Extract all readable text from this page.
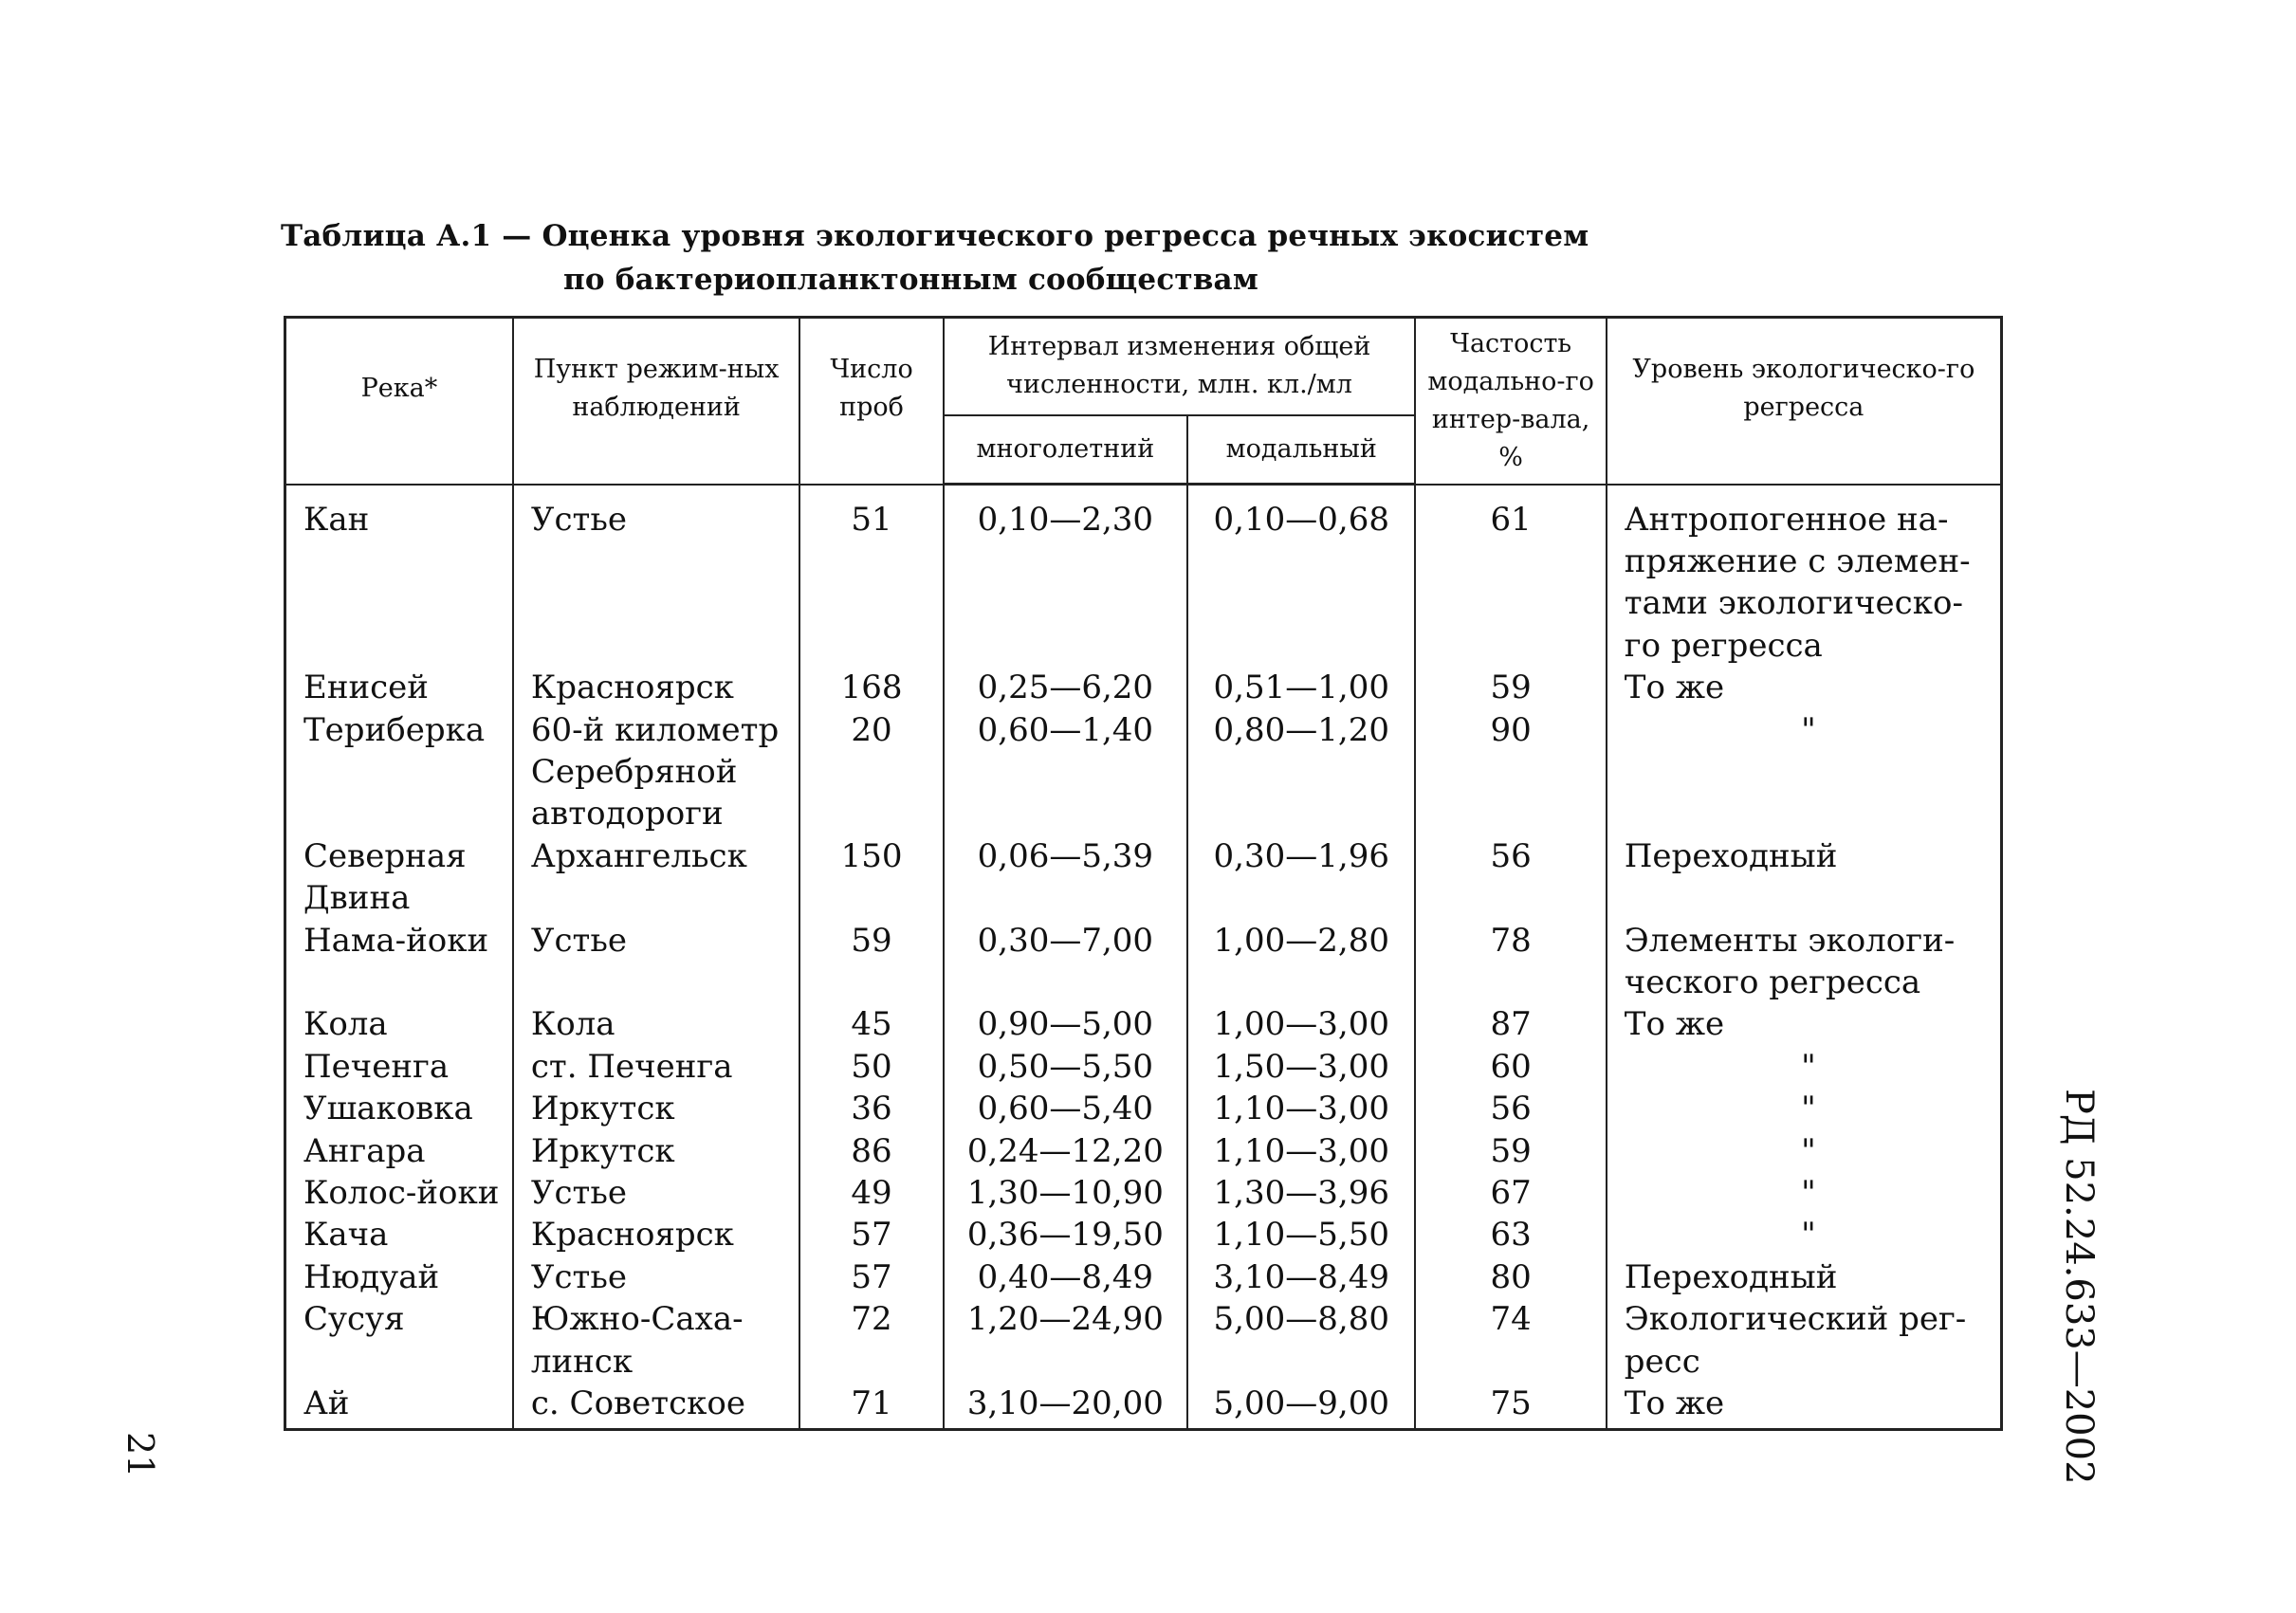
Таблица А.1 — Оценка уровня экологического регресса речных экосистем
по бактериопланктонным сообществам
Река*	Пункт режим-ных наблюдений	Число проб	Интервал изменения общей численности, млн. кл./мл		Частость модально-го интер-вала, %	Уровень экологическо-го регресса
			многолетний	модальный		
Кан	Устье	51	0,10—2,30	0,10—0,68	61	Антропогенное на-пряжение с элемен-тами экологическо-го регресса
Енисей	Красноярск	168	0,25—6,20	0,51—1,00	59	То же
Териберка	60-й километр Серебряной автодороги	20	0,60—1,40	0,80—1,20	90	"
Северная Двина	Архангельск	150	0,06—5,39	0,30—1,96	56	Переходный
Нама-йоки	Устье	59	0,30—7,00	1,00—2,80	78	Элементы экологи-ческого регресса
Кола	Кола	45	0,90—5,00	1,00—3,00	87	То же
Печенга	ст. Печенга	50	0,50—5,50	1,50—3,00	60	"
Ушаковка	Иркутск	36	0,60—5,40	1,10—3,00	56	"
Ангара	Иркутск	86	0,24—12,20	1,10—3,00	59	"
Колос-йоки	Устье	49	1,30—10,90	1,30—3,96	67	"
Кача	Красноярск	57	0,36—19,50	1,10—5,50	63	"
Нюдуай	Устье	57	0,40—8,49	3,10—8,49	80	Переходный
Сусуя	Южно-Саха-линск	72	1,20—24,90	5,00—8,80	74	Экологический рег-ресс
Ай	с. Советское	71	3,10—20,00	5,00—9,00	75	То же
21	РД 52.24.633—2002
